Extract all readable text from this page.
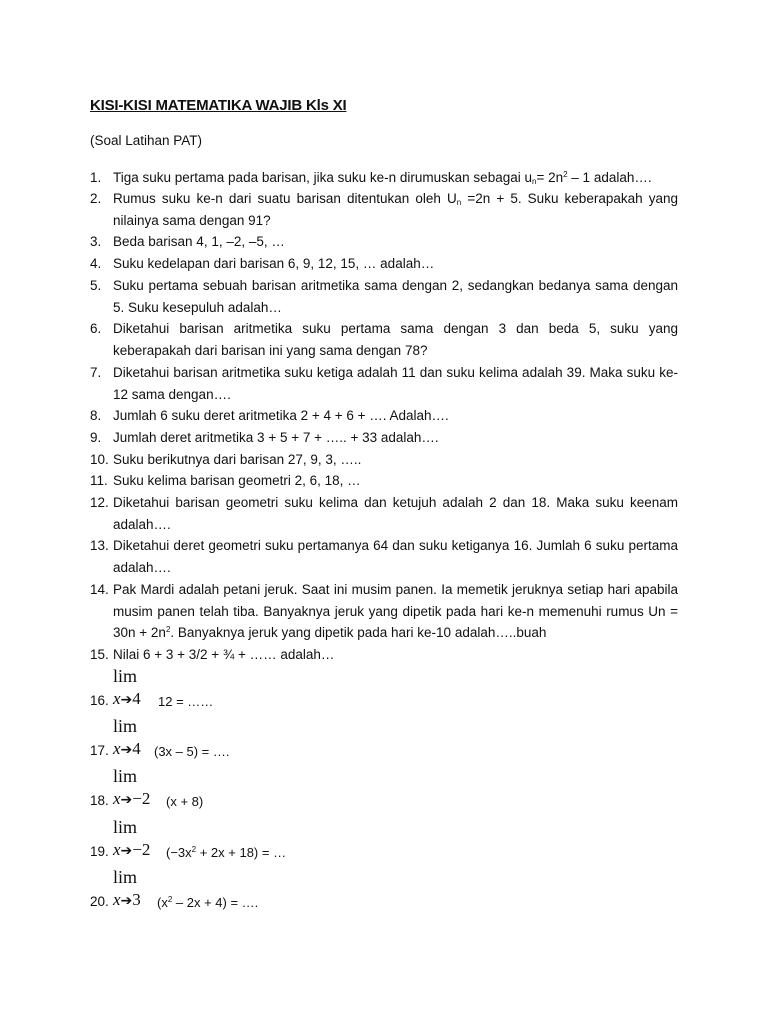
KISI-KISI MATEMATIKA WAJIB Kls XI
(Soal Latihan PAT)
1. Tiga suku pertama pada barisan, jika suku ke-n dirumuskan sebagai $u_n= 2n^2 - 1$ adalah….
2. Rumus suku ke-n dari suatu barisan ditentukan oleh $U_n =2n + 5$. Suku keberapakah yang nilainya sama dengan 91?
3. Beda barisan 4, 1, –2, –5, …
4. Suku kedelapan dari barisan 6, 9, 12, 15, … adalah…
5. Suku pertama sebuah barisan aritmetika sama dengan 2, sedangkan bedanya sama dengan 5. Suku kesepuluh adalah…
6. Diketahui barisan aritmetika suku pertama sama dengan 3 dan beda 5, suku yang keberapakah dari barisan ini yang sama dengan 78?
7. Diketahui barisan aritmetika suku ketiga adalah 11 dan suku kelima adalah 39. Maka suku ke-12 sama dengan….
8. Jumlah 6 suku deret aritmetika 2 + 4 + 6 + …. Adalah….
9. Jumlah deret aritmetika 3 + 5 + 7 + ….. + 33 adalah….
10. Suku berikutnya dari barisan 27, 9, 3, …..
11. Suku kelima barisan geometri 2, 6, 18, …
12. Diketahui barisan geometri suku kelima dan ketujuh adalah 2 dan 18. Maka suku keenam adalah….
13. Diketahui deret geometri suku pertamanya 64 dan suku ketiganya 16. Jumlah 6 suku pertama adalah….
14. Pak Mardi adalah petani jeruk. Saat ini musim panen. Ia memetik jeruknya setiap hari apabila musim panen telah tiba. Banyaknya jeruk yang dipetik pada hari ke-n memenuhi rumus $Un = 30n + 2n^2$. Banyaknya jeruk yang dipetik pada hari ke-10 adalah…..buah
15. Nilai 6 + 3 + 3/2 + ¾ + …… adalah…
lim
16. x➔4 12 = ……
lim
17. x➔4 (3x – 5) = ….
lim
18. x➔−2 (x + 8)
lim
19. x➔−2 $(-3x^2 + 2x + 18)$ = …
lim
20. x➔3 $(x^2 - 2x + 4)$ = ….
